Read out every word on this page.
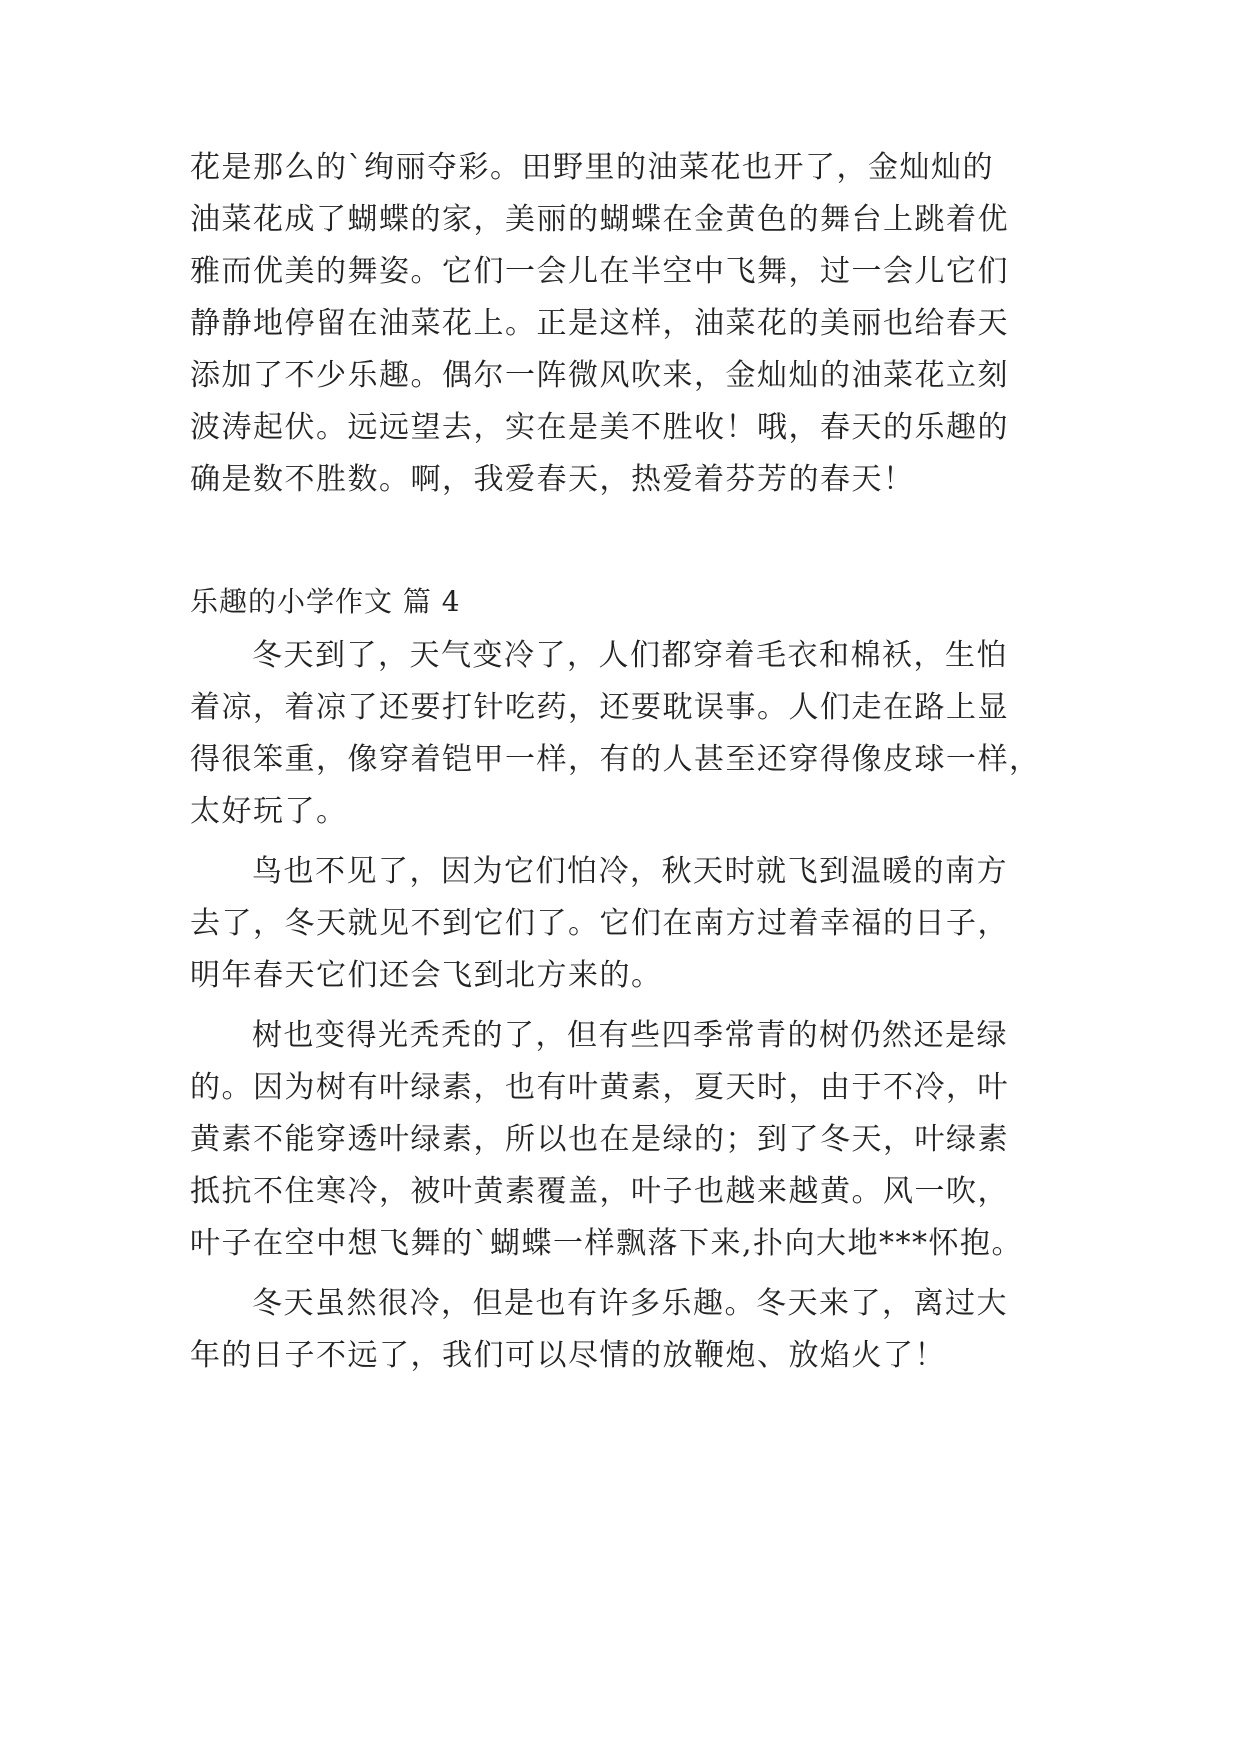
花是那么的`绚丽夺彩。田野里的油菜花也开了，金灿灿的
油菜花成了蝴蝶的家，美丽的蝴蝶在金黄色的舞台上跳着优
雅而优美的舞姿。它们一会儿在半空中飞舞，过一会儿它们
静静地停留在油菜花上。正是这样，油菜花的美丽也给春天
添加了不少乐趣。偶尔一阵微风吹来，金灿灿的油菜花立刻
波涛起伏。远远望去，实在是美不胜收！哦，春天的乐趣的
确是数不胜数。啊，我爱春天，热爱着芬芳的春天！
乐趣的小学作文 篇 4
冬天到了，天气变冷了，人们都穿着毛衣和棉袄，生怕
着凉，着凉了还要打针吃药，还要耽误事。人们走在路上显
得很笨重，像穿着铠甲一样，有的人甚至还穿得像皮球一样，
太好玩了。
鸟也不见了，因为它们怕冷，秋天时就飞到温暖的南方
去了，冬天就见不到它们了。它们在南方过着幸福的日子，
明年春天它们还会飞到北方来的。
树也变得光秃秃的了，但有些四季常青的树仍然还是绿
的。因为树有叶绿素，也有叶黄素，夏天时，由于不冷，叶
黄素不能穿透叶绿素，所以也在是绿的；到了冬天，叶绿素
抵抗不住寒冷，被叶黄素覆盖，叶子也越来越黄。风一吹，
叶子在空中想飞舞的`蝴蝶一样飘落下来,扑向大地***怀抱。
冬天虽然很冷，但是也有许多乐趣。冬天来了，离过大
年的日子不远了，我们可以尽情的放鞭炮、放焰火了！
